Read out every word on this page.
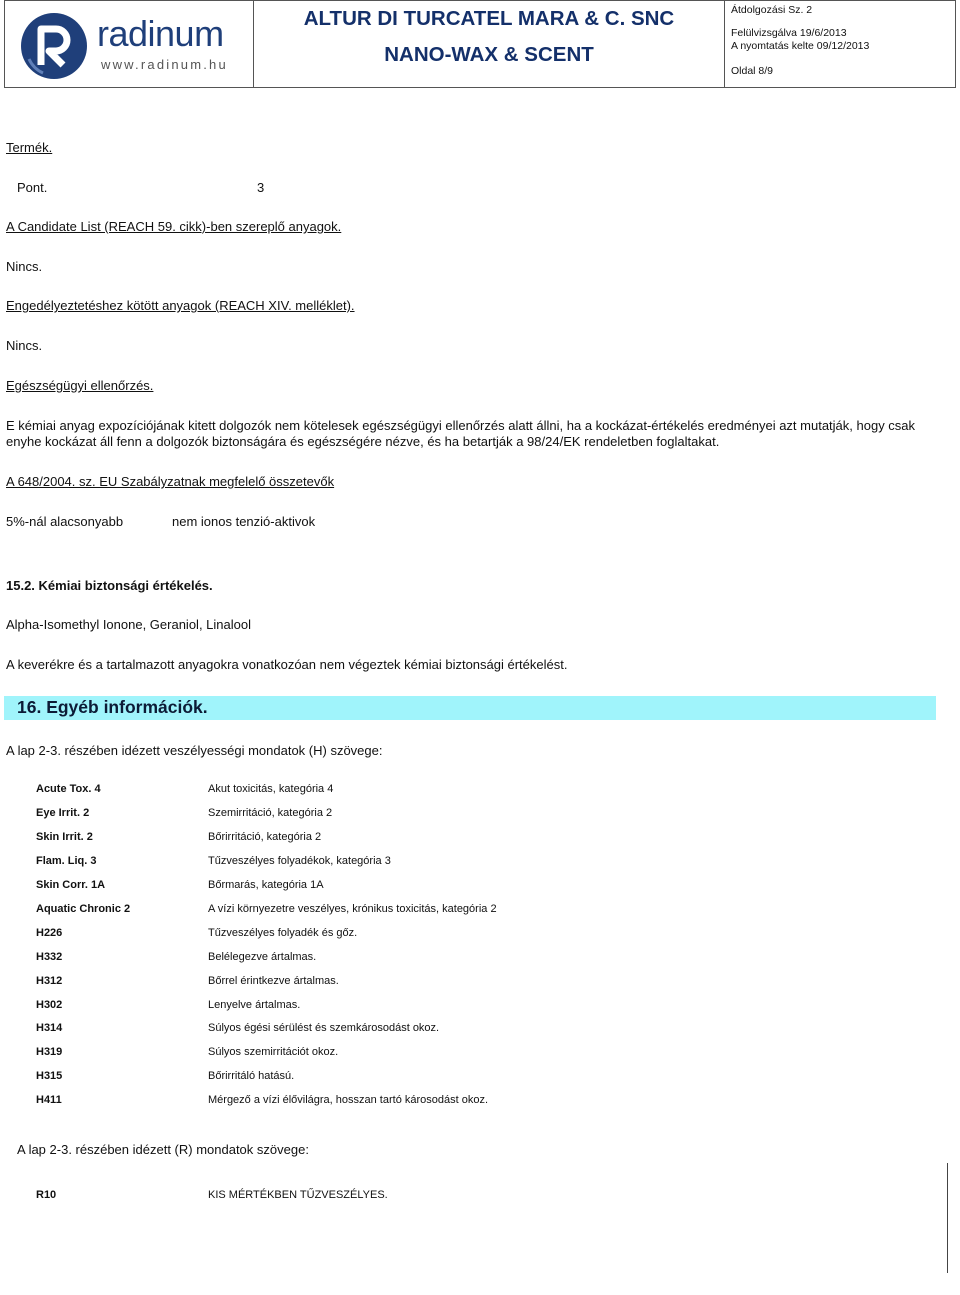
radinum
www.radinum.hu
ALTUR DI TURCATEL MARA & C. SNC
NANO-WAX & SCENT
Átdolgozási Sz. 2
Felülvizsgálva 19/6/2013
A nyomtatás kelte 09/12/2013
Oldal 8/9
Termék.
Pont.	3
A Candidate List (REACH 59. cikk)-ben szereplő anyagok.
Nincs.
Engedélyeztetéshez kötött anyagok (REACH XIV. melléklet).
Nincs.
Egészségügyi ellenőrzés.
E kémiai anyag expozíciójának kitett dolgozók nem kötelesek egészségügyi ellenőrzés alatt állni, ha a kockázat-értékelés eredményei azt mutatják, hogy csak enyhe kockázat áll fenn a dolgozók biztonságára és egészségére nézve, és ha betartják a 98/24/EK rendeletben foglaltakat.
A 648/2004. sz. EU Szabályzatnak megfelelő összetevők
5%-nál alacsonyabb	nem ionos tenzió-aktivok
15.2. Kémiai biztonsági értékelés.
Alpha-Isomethyl Ionone, Geraniol, Linalool
A keverékre és a tartalmazott anyagokra vonatkozóan nem végeztek kémiai biztonsági értékelést.
16. Egyéb információk.
A lap 2-3. részében idézett veszélyességi mondatok (H) szövege:
Acute Tox. 4	Akut toxicitás, kategória 4
Eye Irrit. 2	Szemirritáció, kategória 2
Skin Irrit. 2	Bőrirritáció, kategória 2
Flam. Liq. 3	Tűzveszélyes folyadékok, kategória 3
Skin Corr. 1A	Bőrmarás, kategória 1A
Aquatic Chronic 2	A vízi környezetre veszélyes, krónikus toxicitás, kategória 2
H226	Tűzveszélyes folyadék és gőz.
H332	Belélegezve ártalmas.
H312	Bőrrel érintkezve ártalmas.
H302	Lenyelve ártalmas.
H314	Súlyos égési sérülést és szemkárosodást okoz.
H319	Súlyos szemirritációt okoz.
H315	Bőrirritáló hatású.
H411	Mérgező a vízi élővilágra, hosszan tartó károsodást okoz.
A lap 2-3. részében idézett (R) mondatok szövege:
R10	KIS MÉRTÉKBEN TŰZVESZÉLYES.
